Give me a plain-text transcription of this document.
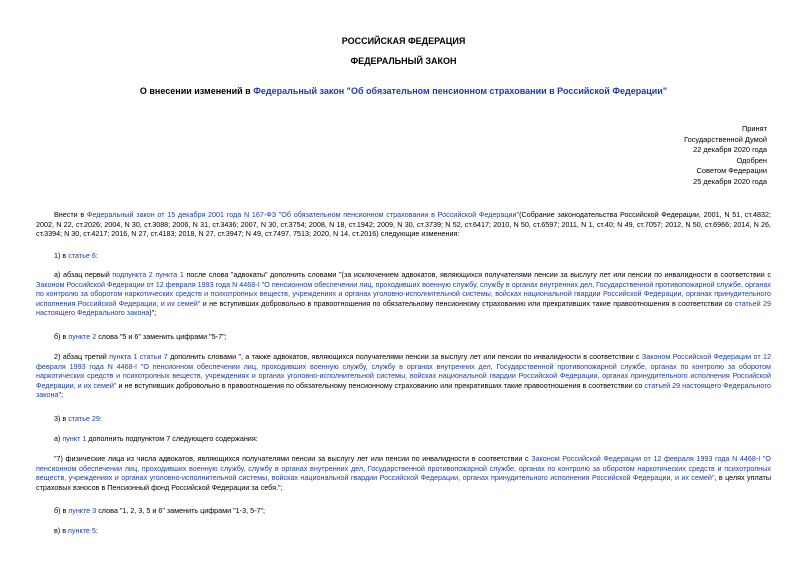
РОССИЙСКАЯ ФЕДЕРАЦИЯ
ФЕДЕРАЛЬНЫЙ ЗАКОН
О внесении изменений в Федеральный закон "Об обязательном пенсионном страховании в Российской Федерации"
Принят
Государственной Думой
22 декабря 2020 года
Одобрен
Советом Федерации
25 декабря 2020 года
Внести в Федеральный закон от 15 декабря 2001 года N 167-ФЗ "Об обязательном пенсионном страховании в Российской Федерации"(Собрание законодательства Российской Федерации, 2001, N 51, ст.4832; 2002, N 22, ст.2026; 2004, N 30, ст.3088; 2006, N 31, ст.3436; 2007, N 30, ст.3754; 2008, N 18, ст.1942; 2009, N 30, ст.3739; N 52, ст.6417; 2010, N 50, ст.6597; 2011, N 1, ст.40; N 49, ст.7057; 2012, N 50, ст.6966; 2014, N 26, ст.3394; N 30, ст.4217; 2016, N 27, ст.4183; 2018, N 27, ст.3947; N 49, ст.7497, 7513; 2020, N 14, ст.2016) следующие изменения:
1) в статье 6:
а) абзац первый подпункта 2 пункта 1 после слова "адвокаты" дополнить словами "(за исключением адвокатов, являющихся получателями пенсии за выслугу лет или пенсии по инвалидности в соответствии с Законом Российской Федерации от 12 февраля 1993 года N 4468-I "О пенсионном обеспечении лиц, проходивших военную службу, службу в органах внутренних дел, Государственной противопожарной службе, органах по контролю за оборотом наркотических средств и психотропных веществ, учреждениях и органах уголовно-исполнительной системы, войсках национальной гвардии Российской Федерации, органах принудительного исполнения Российской Федерации, и их семей" и не вступивших добровольно в правоотношения по обязательному пенсионному страхованию или прекративших такие правоотношения в соответствии со статьей 29 настоящего Федерального закона)";
б) в пункте 2 слова "5 и 6" заменить цифрами "5-7";
2) абзац третий пункта 1 статьи 7 дополнить словами ", а также адвокатов, являющихся получателями пенсии за выслугу лет или пенсии по инвалидности в соответствии с Законом Российской Федерации от 12 февраля 1993 года N 4468-I "О пенсионном обеспечении лиц, проходивших военную службу, службу в органах внутренних дел, Государственной противопожарной службе, органах по контролю за оборотом наркотических средств и психотропных веществ, учреждениях и органах уголовно-исполнительной системы, войсках национальной гвардии Российской Федерации, органах принудительного исполнения Российской Федерации, и их семей" и не вступивших добровольно в правоотношения по обязательному пенсионному страхованию или прекративших такие правоотношения в соответствии со статьей 29 настоящего Федерального закона";
3) в статье 29:
а) пункт 1 дополнить подпунктом 7 следующего содержания:
"7) физические лица из числа адвокатов, являющихся получателями пенсии за выслугу лет или пенсии по инвалидности в соответствии с Законом Российской Федерации от 12 февраля 1993 года N 4468-I "О пенсионном обеспечении лиц, проходивших военную службу, службу в органах внутренних дел, Государственной противопожарной службе, органах по контролю за оборотом наркотических средств и психотропных веществ, учреждениях и органах уголовно-исполнительной системы, войсках национальной гвардии Российской Федерации, органах принудительного исполнения Российской Федерации, и их семей", в целях уплаты страховых взносов в Пенсионный фонд Российской Федерации за себя.";
б) в пункте 3 слова "1, 2, 3, 5 и 6" заменить цифрами "1-3, 5-7";
в) в пункте 5:
